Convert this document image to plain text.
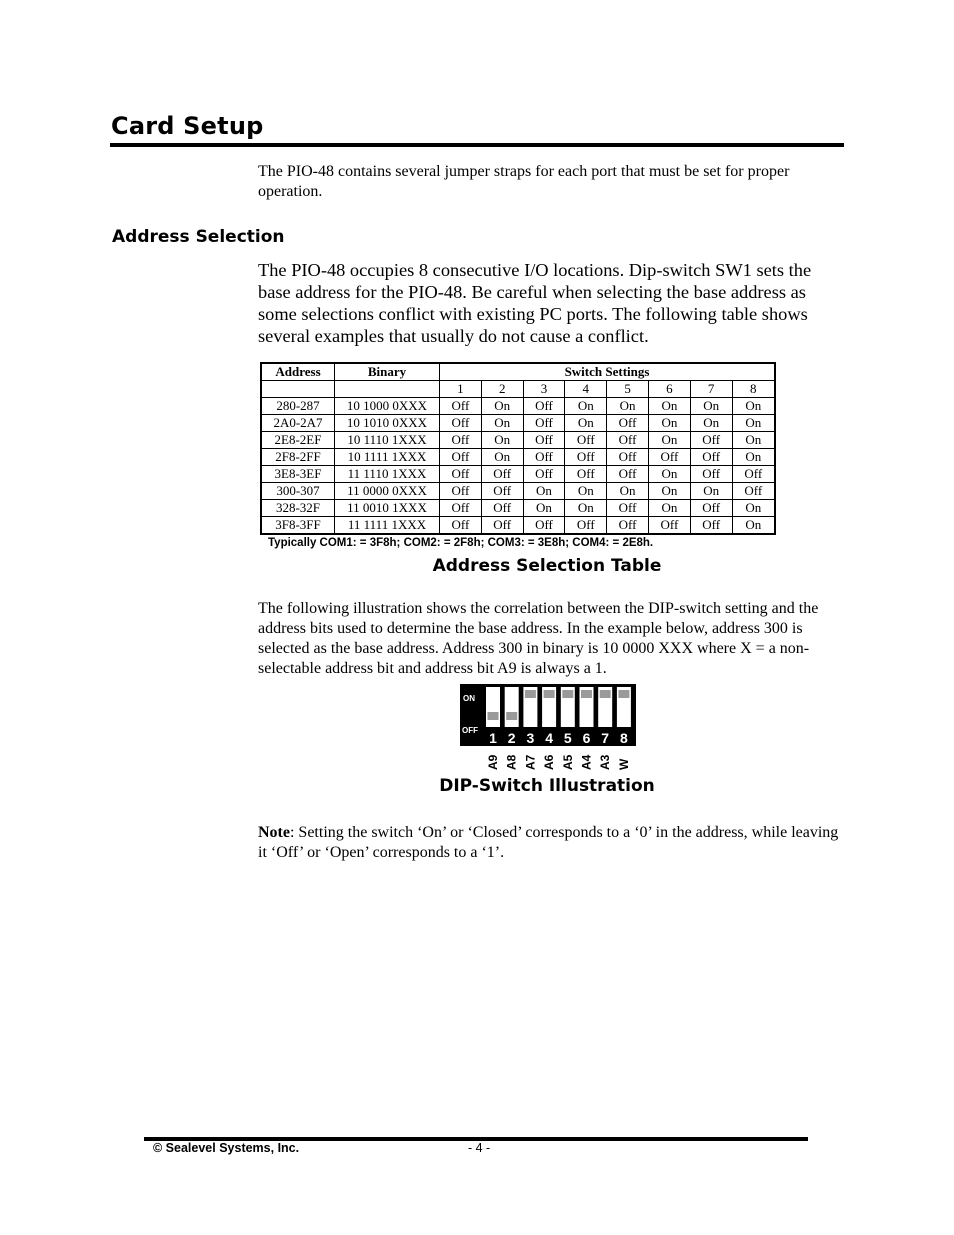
Card Setup
The PIO-48 contains several jumper straps for each port that must be set for proper operation.
Address Selection
The PIO-48 occupies 8 consecutive I/O locations. Dip-switch SW1 sets the base address for the PIO-48. Be careful when selecting the base address as some selections conflict with existing PC ports. The following table shows several examples that usually do not cause a conflict.
Address	Binary	Switch Settings							
		1	2	3	4	5	6	7	8
280-287	10 1000 0XXX	Off	On	Off	On	On	On	On	On
2A0-2A7	10 1010 0XXX	Off	On	Off	On	Off	On	On	On
2E8-2EF	10 1110 1XXX	Off	On	Off	Off	Off	On	Off	On
2F8-2FF	10 1111 1XXX	Off	On	Off	Off	Off	Off	Off	On
3E8-3EF	11 1110 1XXX	Off	Off	Off	Off	Off	On	Off	Off
300-307	11 0000 0XXX	Off	Off	On	On	On	On	On	Off
328-32F	11 0010 1XXX	Off	Off	On	On	Off	On	Off	On
3F8-3FF	11 1111 1XXX	Off	Off	Off	Off	Off	Off	Off	On
Typically COM1: = 3F8h; COM2: = 2F8h; COM3: = 3E8h; COM4: = 2E8h.
Address Selection Table
The following illustration shows the correlation between the DIP-switch setting and the address bits used to determine the base address. In the example below, address 300 is selected as the base address. Address 300 in binary is 10 0000 XXX where X = a non-selectable address bit and address bit A9 is always a 1.
ON
OFF 1 2 3 4 5 6 7 8
A9 A8 A7 A6 A5 A4 A3 W
DIP-Switch Illustration
Note: Setting the switch ‘On’ or ‘Closed’ corresponds to a ‘0’ in the address, while leaving it ‘Off’ or ‘Open’ corresponds to a ‘1’.
© Sealevel Systems, Inc.	- 4 -
